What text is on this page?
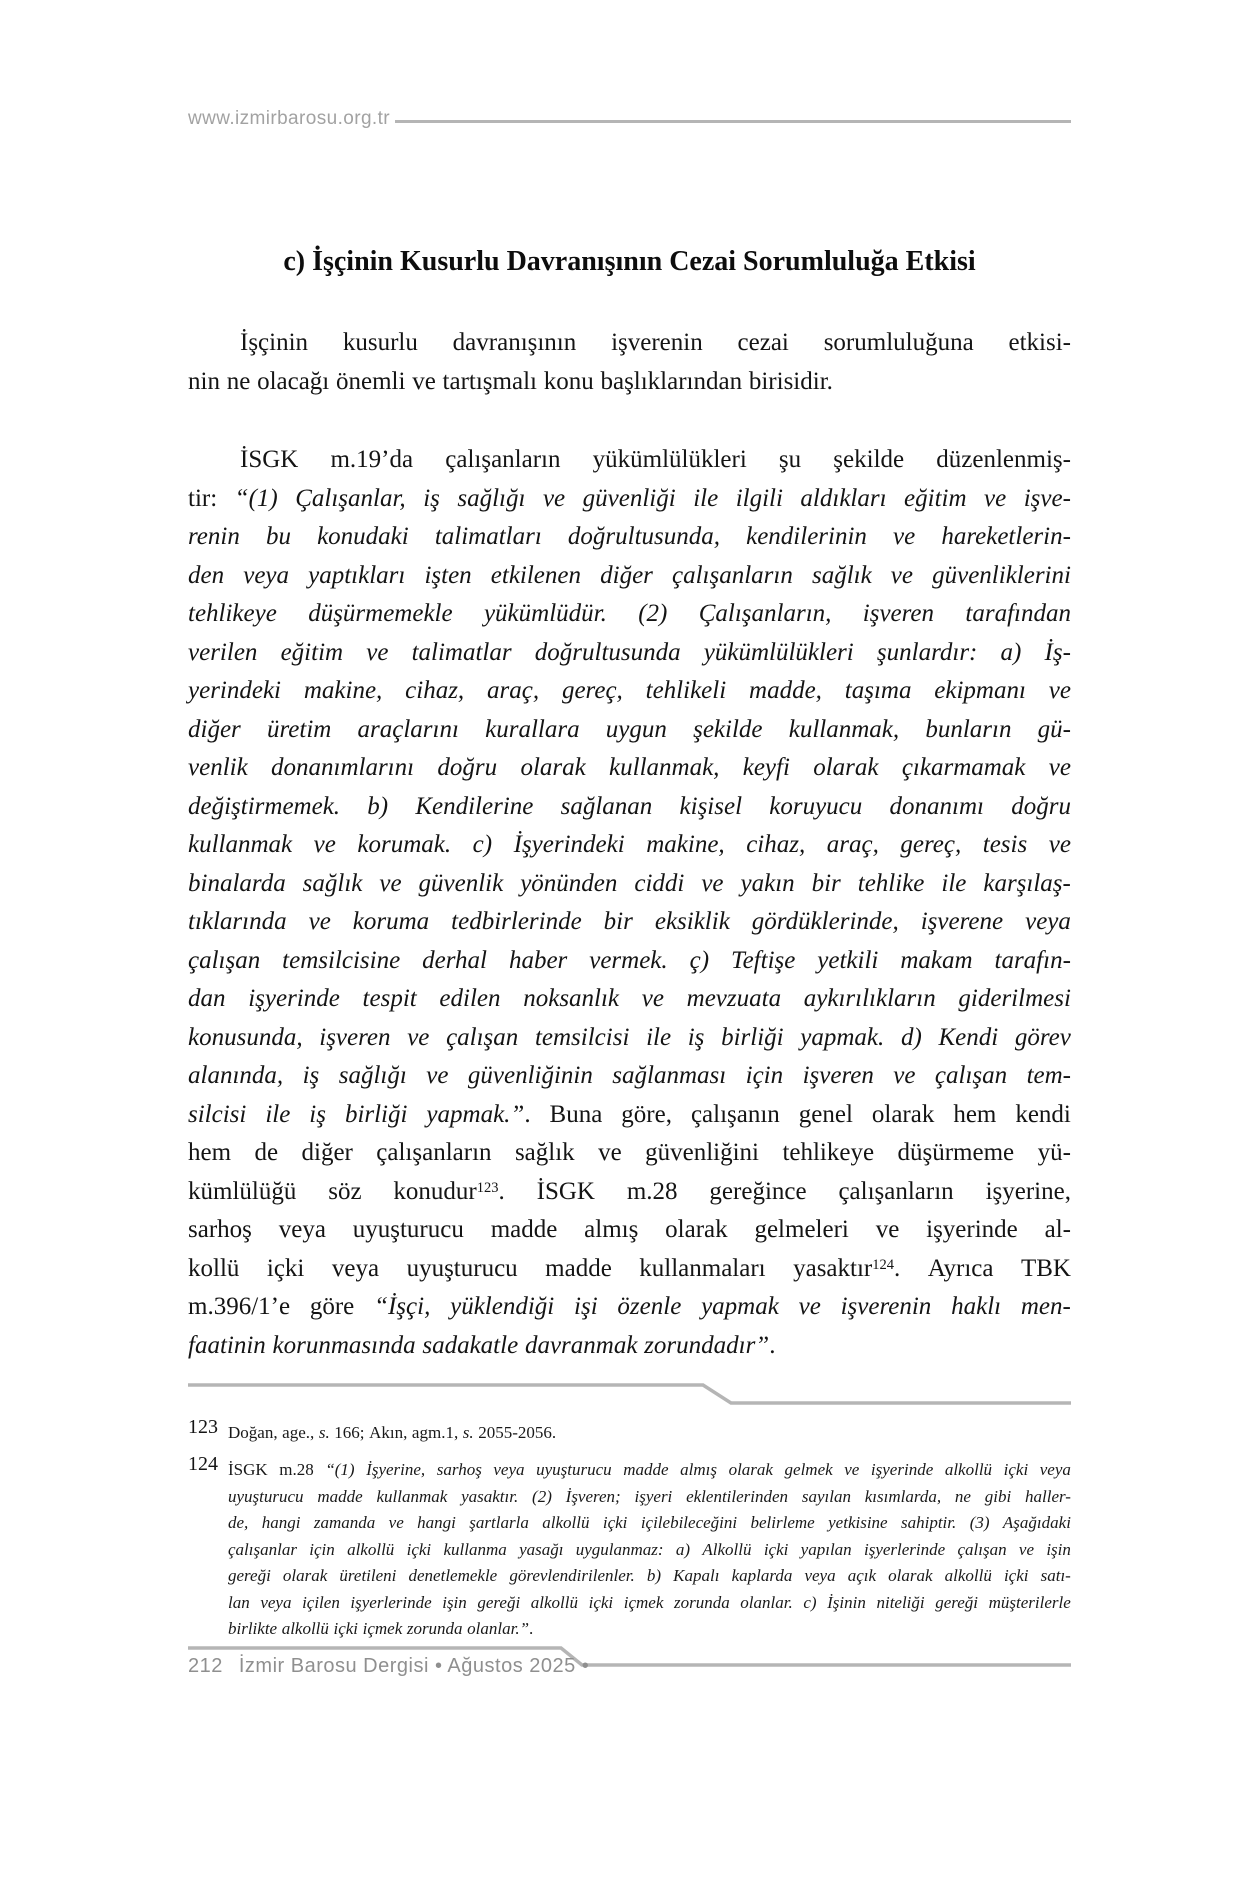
www.izmirbarosu.org.tr
c) İşçinin Kusurlu Davranışının Cezai Sorumluluğa Etkisi
İşçinin kusurlu davranışının işverenin cezai sorumluluğuna etkisi-
nin ne olacağı önemli ve tartışmalı konu başlıklarından birisidir.
İSGK m.19’da çalışanların yükümlülükleri şu şekilde düzenlenmiş-
tir: “(1) Çalışanlar, iş sağlığı ve güvenliği ile ilgili aldıkları eğitim ve işve-
renin bu konudaki talimatları doğrultusunda, kendilerinin ve hareketlerin-
den veya yaptıkları işten etkilenen diğer çalışanların sağlık ve güvenliklerini
tehlikeye düşürmemekle yükümlüdür. (2) Çalışanların, işveren tarafından
verilen eğitim ve talimatlar doğrultusunda yükümlülükleri şunlardır: a) İş-
yerindeki makine, cihaz, araç, gereç, tehlikeli madde, taşıma ekipmanı ve
diğer üretim araçlarını kurallara uygun şekilde kullanmak, bunların gü-
venlik donanımlarını doğru olarak kullanmak, keyfi olarak çıkarmamak ve
değiştirmemek. b) Kendilerine sağlanan kişisel koruyucu donanımı doğru
kullanmak ve korumak. c) İşyerindeki makine, cihaz, araç, gereç, tesis ve
binalarda sağlık ve güvenlik yönünden ciddi ve yakın bir tehlike ile karşılaş-
tıklarında ve koruma tedbirlerinde bir eksiklik gördüklerinde, işverene veya
çalışan temsilcisine derhal haber vermek. ç) Teftişe yetkili makam tarafın-
dan işyerinde tespit edilen noksanlık ve mevzuata aykırılıkların giderilmesi
konusunda, işveren ve çalışan temsilcisi ile iş birliği yapmak. d) Kendi görev
alanında, iş sağlığı ve güvenliğinin sağlanması için işveren ve çalışan tem-
silcisi ile iş birliği yapmak.”. Buna göre, çalışanın genel olarak hem kendi
hem de diğer çalışanların sağlık ve güvenliğini tehlikeye düşürmeme yü-
kümlülüğü söz konudur$^{123}$. İSGK m.28 gereğince çalışanların işyerine,
sarhoş veya uyuşturucu madde almış olarak gelmeleri ve işyerinde al-
kollü içki veya uyuşturucu madde kullanmaları yasaktır$^{124}$. Ayrıca TBK
m.396/1’e göre “İşçi, yüklendiği işi özenle yapmak ve işverenin haklı men-
faatinin korunmasında sadakatle davranmak zorundadır”.
123 Doğan, age., s. 166; Akın, agm.1, s. 2055-2056.
124 İSGK m.28 “(1) İşyerine, sarhoş veya uyuşturucu madde almış olarak gelmek ve işyerinde alkollü içki veya
uyuşturucu madde kullanmak yasaktır. (2) İşveren; işyeri eklentilerinden sayılan kısımlarda, ne gibi haller-
de, hangi zamanda ve hangi şartlarla alkollü içki içilebileceğini belirleme yetkisine sahiptir. (3) Aşağıdaki
çalışanlar için alkollü içki kullanma yasağı uygulanmaz: a) Alkollü içki yapılan işyerlerinde çalışan ve işin
gereği olarak üretileni denetlemekle görevlendirilenler. b) Kapalı kaplarda veya açık olarak alkollü içki satı-
lan veya içilen işyerlerinde işin gereği alkollü içki içmek zorunda olanlar. c) İşinin niteliği gereği müşterilerle
birlikte alkollü içki içmek zorunda olanlar.”.
212 İzmir Barosu Dergisi • Ağustos 2025 •
